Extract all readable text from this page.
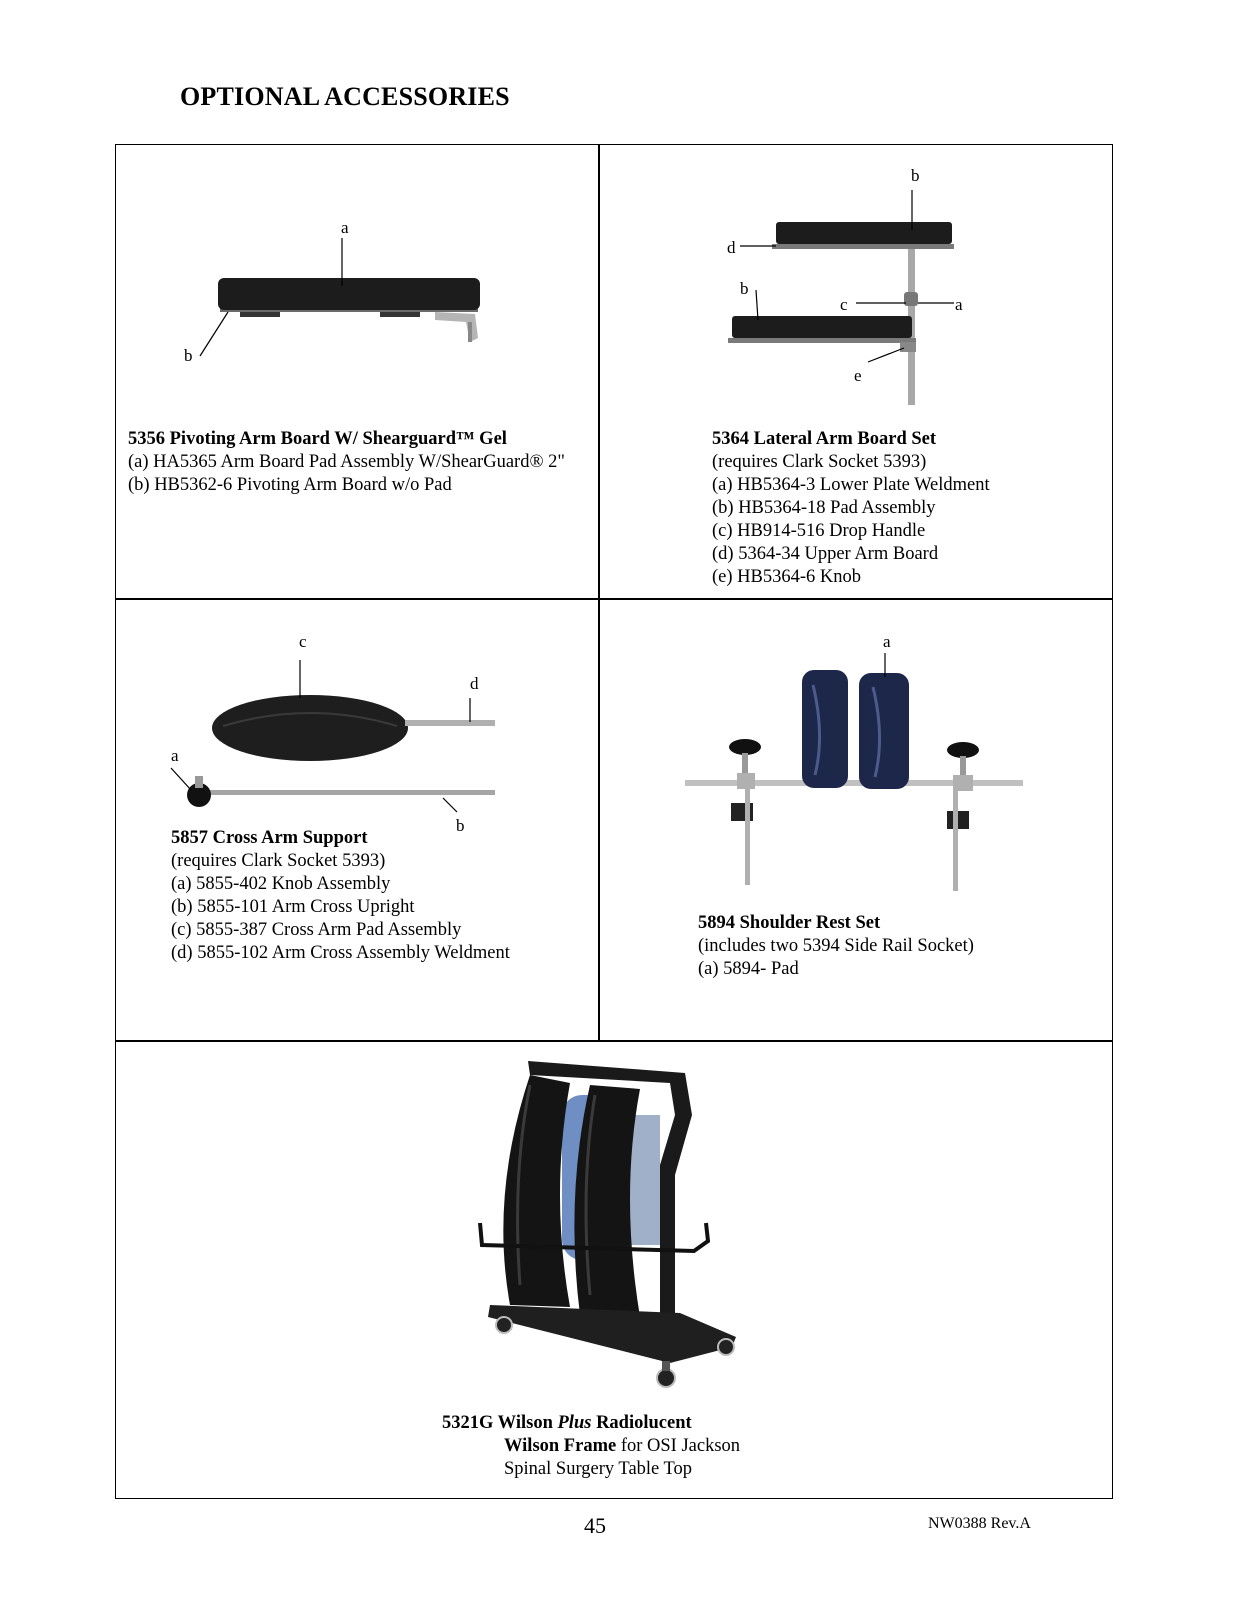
OPTIONAL ACCESSORIES
a
b
5356 Pivoting Arm Board W/ Shearguard™ Gel
(a) HA5365 Arm Board Pad Assembly W/ShearGuard® 2"
(b) HB5362-6 Pivoting Arm Board w/o Pad
b
d
b
c	a
e
5364 Lateral Arm Board Set
(requires Clark Socket 5393)
(a) HB5364-3 Lower Plate Weldment
(b) HB5364-18 Pad Assembly
(c) HB914-516 Drop Handle
(d) 5364-34 Upper Arm Board
(e) HB5364-6 Knob
c
d
a
b
5857 Cross Arm Support
(requires Clark Socket 5393)
(a) 5855-402 Knob Assembly
(b) 5855-101 Arm Cross Upright
(c) 5855-387 Cross Arm Pad Assembly
(d) 5855-102 Arm Cross Assembly Weldment
a
5894 Shoulder Rest Set
(includes two 5394 Side Rail Socket)
(a) 5894- Pad
5321G Wilson Plus Radiolucent
Wilson Frame for OSI Jackson
Spinal Surgery Table Top
45	NW0388 Rev.A
